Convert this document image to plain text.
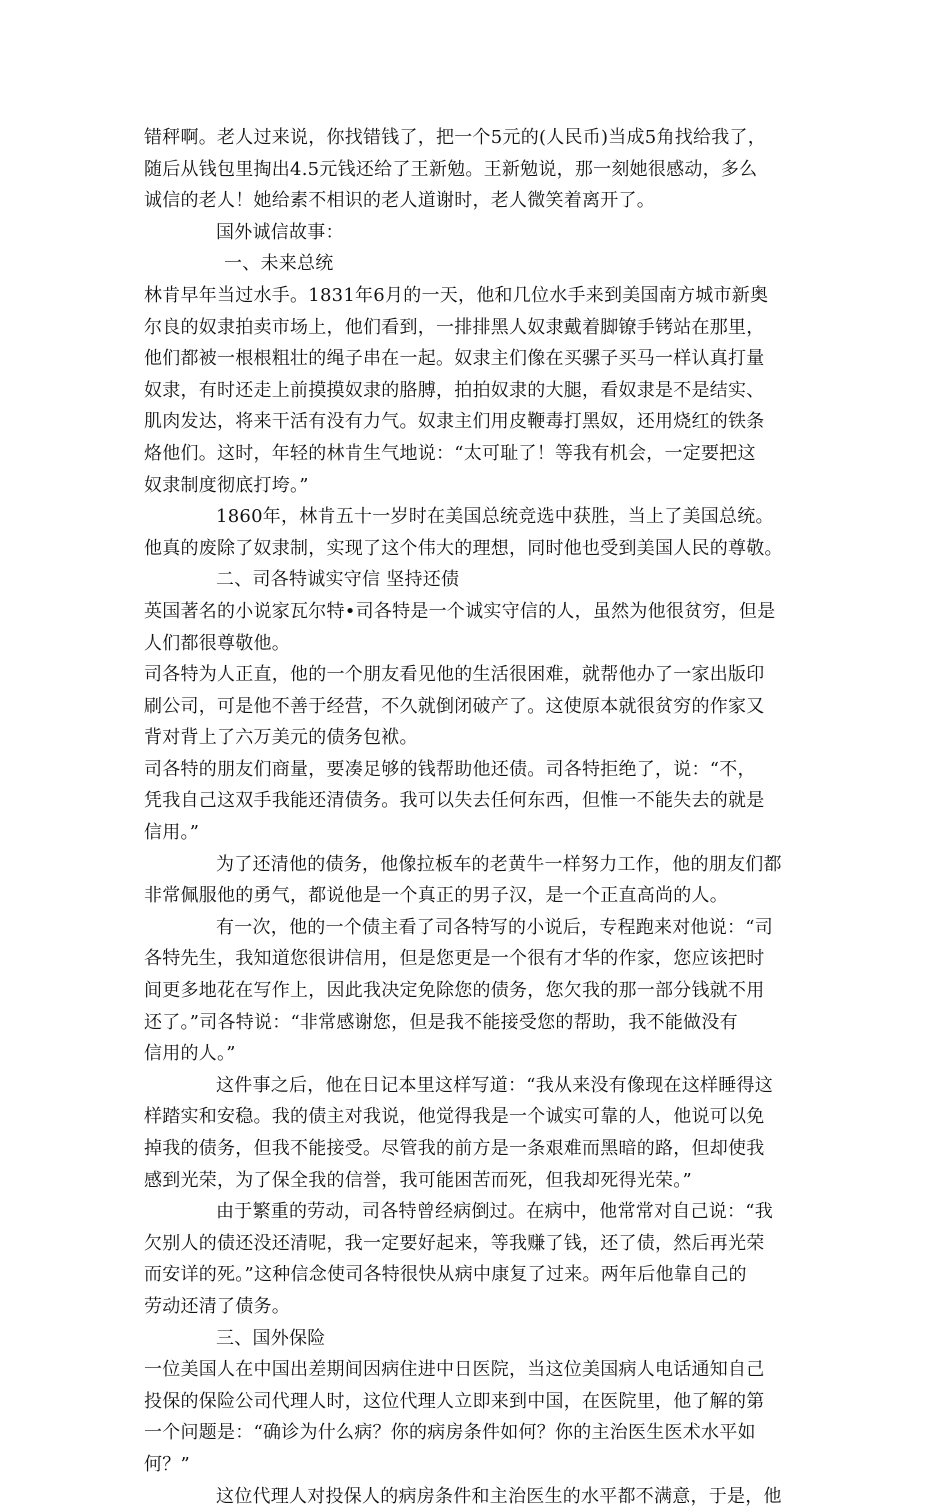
错秤啊。老人过来说，你找错钱了，把一个5元的(人民币)当成5角找给我了，
随后从钱包里掏出4.5元钱还给了王新勉。王新勉说，那一刻她很感动，多么
诚信的老人！她给素不相识的老人道谢时，老人微笑着离开了。
国外诚信故事：
一、未来总统
林肯早年当过水手。1831年6月的一天，他和几位水手来到美国南方城市新奥
尔良的奴隶拍卖市场上，他们看到，一排排黑人奴隶戴着脚镣手铐站在那里，
他们都被一根根粗壮的绳子串在一起。奴隶主们像在买骡子买马一样认真打量
奴隶，有时还走上前摸摸奴隶的胳膊，拍拍奴隶的大腿，看奴隶是不是结实、
肌肉发达，将来干活有没有力气。奴隶主们用皮鞭毒打黑奴，还用烧红的铁条
烙他们。这时，年轻的林肯生气地说：“太可耻了！等我有机会，一定要把这
奴隶制度彻底打垮。”
1860年，林肯五十一岁时在美国总统竞选中获胜，当上了美国总统。
他真的废除了奴隶制，实现了这个伟大的理想，同时他也受到美国人民的尊敬。
二、司各特诚实守信 坚持还债
英国著名的小说家瓦尔特•司各特是一个诚实守信的人，虽然为他很贫穷，但是
人们都很尊敬他。
司各特为人正直，他的一个朋友看见他的生活很困难，就帮他办了一家出版印
刷公司，可是他不善于经营，不久就倒闭破产了。这使原本就很贫穷的作家又
背对背上了六万美元的债务包袱。
司各特的朋友们商量，要凑足够的钱帮助他还债。司各特拒绝了，说：“不，
凭我自己这双手我能还清债务。我可以失去任何东西，但惟一不能失去的就是
信用。”
为了还清他的债务，他像拉板车的老黄牛一样努力工作，他的朋友们都
非常佩服他的勇气，都说他是一个真正的男子汉，是一个正直高尚的人。
有一次，他的一个债主看了司各特写的小说后，专程跑来对他说：“司
各特先生，我知道您很讲信用，但是您更是一个很有才华的作家，您应该把时
间更多地花在写作上，因此我决定免除您的债务，您欠我的那一部分钱就不用
还了。”司各特说：“非常感谢您，但是我不能接受您的帮助，我不能做没有
信用的人。”
这件事之后，他在日记本里这样写道：“我从来没有像现在这样睡得这
样踏实和安稳。我的债主对我说，他觉得我是一个诚实可靠的人，他说可以免
掉我的债务，但我不能接受。尽管我的前方是一条艰难而黑暗的路，但却使我
感到光荣，为了保全我的信誉，我可能困苦而死，但我却死得光荣。”
由于繁重的劳动，司各特曾经病倒过。在病中，他常常对自己说：“我
欠别人的债还没还清呢，我一定要好起来，等我赚了钱，还了债，然后再光荣
而安详的死。”这种信念使司各特很快从病中康复了过来。两年后他靠自己的
劳动还清了债务。
三、国外保险
一位美国人在中国出差期间因病住进中日医院，当这位美国病人电话通知自己
投保的保险公司代理人时，这位代理人立即来到中国，在医院里，他了解的第
一个问题是：“确诊为什么病？你的病房条件如何？你的主治医生医术水平如
何？”
这位代理人对投保人的病房条件和主治医生的水平都不满意，于是，他
